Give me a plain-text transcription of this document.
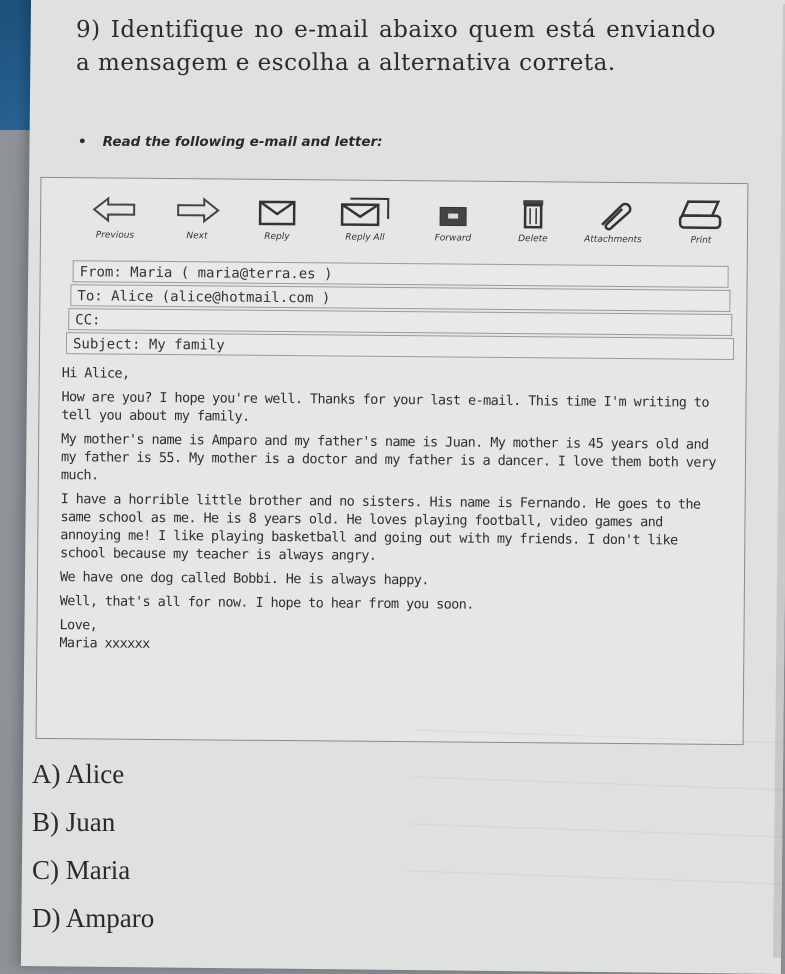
9) Identifique no e-mail abaixo quem está enviando a mensagem e escolha a alternativa correta.
• Read the following e-mail and letter:
Previous	Next	Reply	Reply All	Forward	Delete	Attachments	Print
From: Maria ( maria@terra.es )
To: Alice (alice@hotmail.com )
CC:
Subject: My family

Hi Alice,

How are you? I hope you're well. Thanks for your last e-mail. This time I'm writing to tell you about my family.

My mother's name is Amparo and my father's name is Juan. My mother is 45 years old and my father is 55. My mother is a doctor and my father is a dancer. I love them both very much.

I have a horrible little brother and no sisters. His name is Fernando. He goes to the same school as me. He is 8 years old. He loves playing football, video games and annoying me! I like playing basketball and going out with my friends. I don't like school because my teacher is always angry.

We have one dog called Bobbi. He is always happy.

Well, that's all for now. I hope to hear from you soon.

Love,

Maria xxxxxx

A) Alice
B) Juan
C) Maria
D) Amparo
